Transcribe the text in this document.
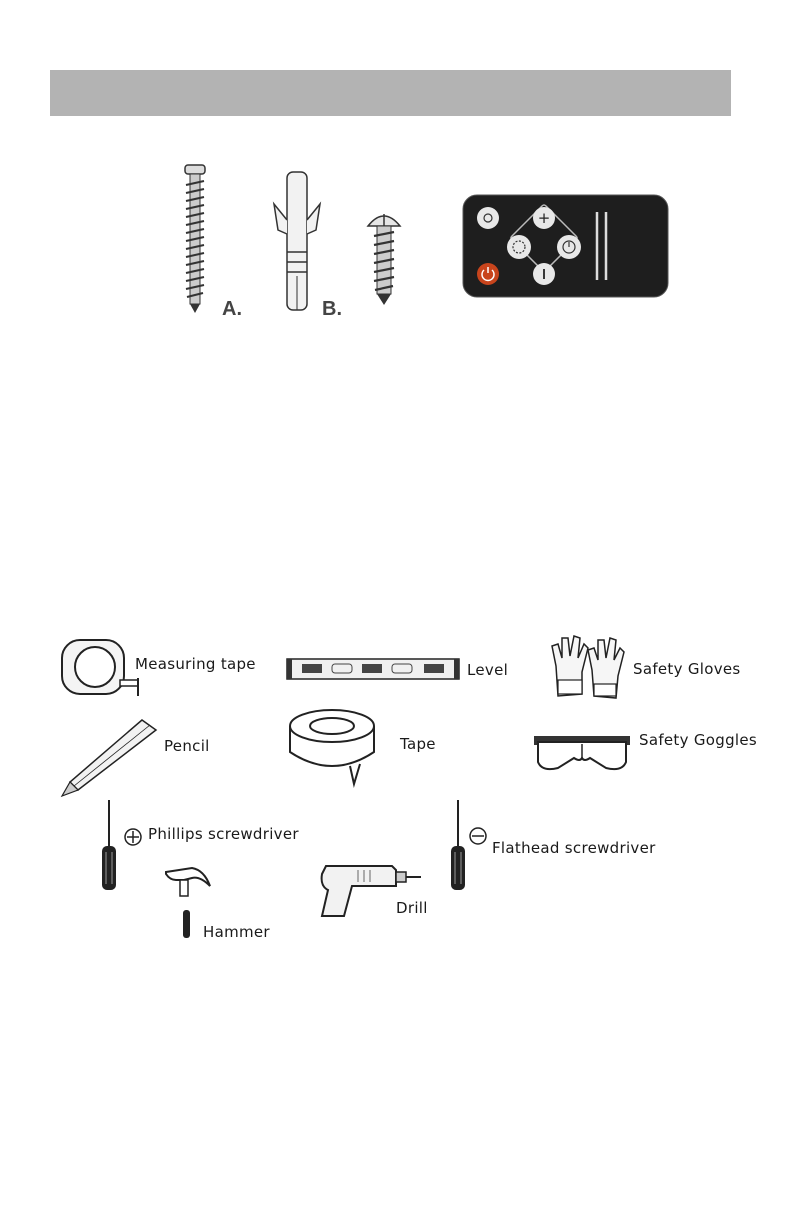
A.	B.
+
Measuring tape	Level	Safety Gloves
Pencil	Tape	Safety Goggles
Phillips screwdriver
Flathead screwdriver
Hammer
Drill
